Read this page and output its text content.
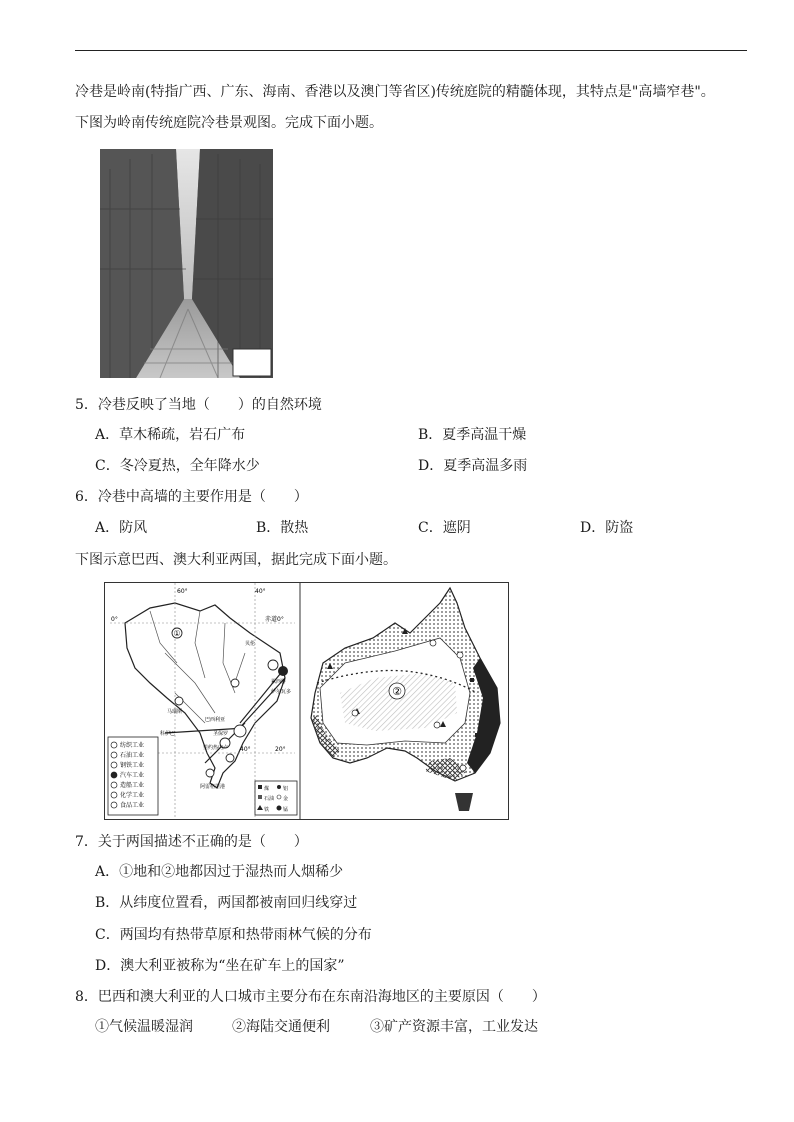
冷巷是岭南(特指广西、广东、海南、香港以及澳门等省区)传统庭院的精髓体现，其特点是"高墙窄巷"。
下图为岭南传统庭院冷巷景观图。完成下面小题。
5．冷巷反映了当地（　　）的自然环境
A．草木稀疏，岩石广布	B．夏季高温干燥
C．冬冷夏热，全年降水少	D．夏季高温多雨
6．冷巷中高墙的主要作用是（　　）
A．防风	B．散热	C．遮阴	D．防盗
下图示意巴西、澳大利亚两国，据此完成下面小题。
①
60°	40°
0°	赤道0°
20°
40°
贝伦
马瑙斯
巴西利亚
圣保罗
里约热内卢
阿雷格里港
萨尔瓦多
累西腓
科伊巴
纺织工业
石油工业
钢铁工业
汽车工业
造船工业
化学工业
食品工业
煤	铝
石油 金
铁	锰
②
7．关于两国描述不正确的是（　　）
A．①地和②地都因过于湿热而人烟稀少
B．从纬度位置看，两国都被南回归线穿过
C．两国均有热带草原和热带雨林气候的分布
D．澳大利亚被称为“坐在矿车上的国家”
8．巴西和澳大利亚的人口城市主要分布在东南沿海地区的主要原因（　　）
①气候温暖湿润	②海陆交通便利	③矿产资源丰富，工业发达
